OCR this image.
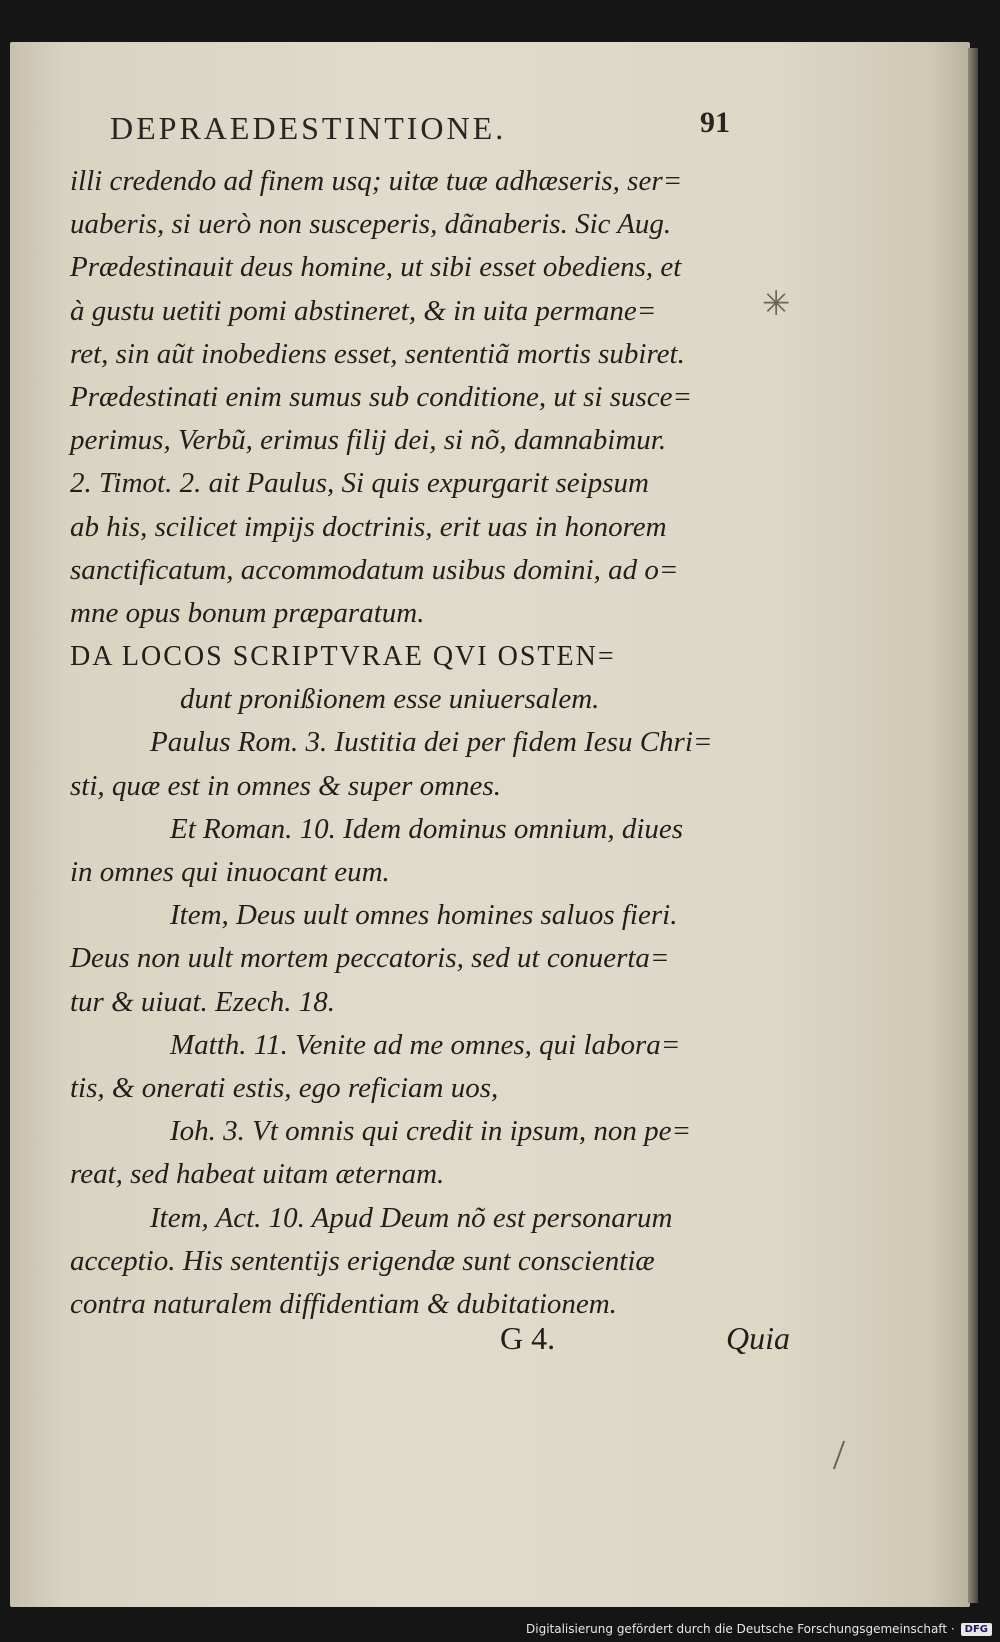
DEPRAEDESTINTIONE.	91
✳
illi credendo ad finem usq; uitæ tuæ adhæseris, ser=
uaberis, si uerò non susceperis, dãnaberis. Sic Aug.
Prædestinauit deus homine, ut sibi esset obediens, et
à gustu uetiti pomi abstineret, & in uita permane=
ret, sin aũt inobediens esset, sententiã mortis subiret.
Prædestinati enim sumus sub conditione, ut si susce=
perimus, Verbũ, erimus filij dei, si nõ, damnabimur.
2. Timot. 2. ait Paulus, Si quis expurgarit seipsum
ab his, scilicet impijs doctrinis, erit uas in honorem
sanctificatum, accommodatum usibus domini, ad o=
mne opus bonum præparatum.
DA LOCOS SCRIPTVRAE QVI OSTEN=
dunt pronißionem esse uniuersalem.
Paulus Rom. 3. Iustitia dei per fidem Iesu Chri=
sti, quæ est in omnes & super omnes.
Et Roman. 10. Idem dominus omnium, diues
in omnes qui inuocant eum.
Item, Deus uult omnes homines saluos fieri.
Deus non uult mortem peccatoris, sed ut conuerta=
tur & uiuat. Ezech. 18.
Matth. 11. Venite ad me omnes, qui labora=
tis, & onerati estis, ego reficiam uos,
Ioh. 3. Vt omnis qui credit in ipsum, non pe=
reat, sed habeat uitam æternam.
Item, Act. 10. Apud Deum nõ est personarum
acceptio. His sententijs erigendæ sunt conscientiæ
contra naturalem diffidentiam & dubitationem.
G 4.	Quia
Digitalisierung gefördert durch die Deutsche Forschungsgemeinschaft ·	DFG
